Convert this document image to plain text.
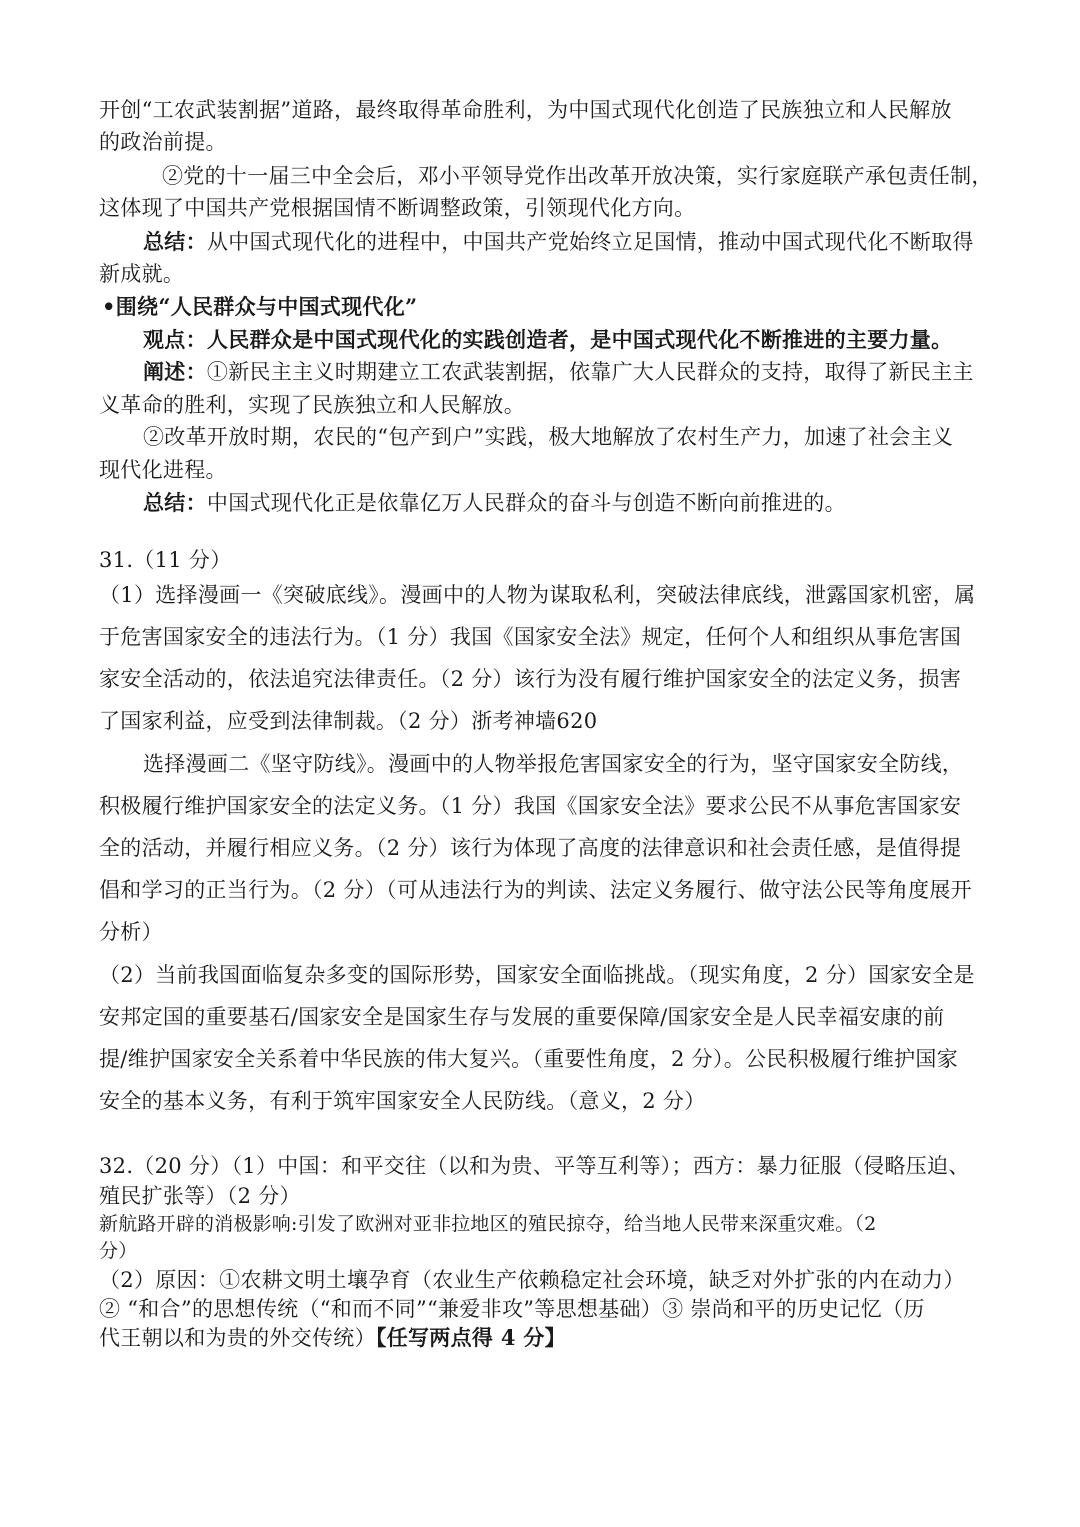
开创“工农武装割据”道路，最终取得革命胜利，为中国式现代化创造了民族独立和人民解放
的政治前提。
②党的十一届三中全会后，邓小平领导党作出改革开放决策，实行家庭联产承包责任制，
这体现了中国共产党根据国情不断调整政策，引领现代化方向。
总结：从中国式现代化的进程中，中国共产党始终立足国情，推动中国式现代化不断取得
新成就。
•围绕“人民群众与中国式现代化”
观点：人民群众是中国式现代化的实践创造者，是中国式现代化不断推进的主要力量。
阐述：①新民主主义时期建立工农武装割据，依靠广大人民群众的支持，取得了新民主主
义革命的胜利，实现了民族独立和人民解放。
②改革开放时期，农民的“包产到户”实践，极大地解放了农村生产力，加速了社会主义
现代化进程。
总结：中国式现代化正是依靠亿万人民群众的奋斗与创造不断向前推进的。
31.（11 分）
（1）选择漫画一《突破底线》。漫画中的人物为谋取私利，突破法律底线，泄露国家机密，属
于危害国家安全的违法行为。（1 分）我国《国家安全法》规定，任何个人和组织从事危害国
家安全活动的，依法追究法律责任。（2 分）该行为没有履行维护国家安全的法定义务，损害
了国家利益，应受到法律制裁。（2 分）浙考神墙620
选择漫画二《坚守防线》。漫画中的人物举报危害国家安全的行为，坚守国家安全防线，
积极履行维护国家安全的法定义务。（1 分）我国《国家安全法》要求公民不从事危害国家安
全的活动，并履行相应义务。（2 分）该行为体现了高度的法律意识和社会责任感，是值得提
倡和学习的正当行为。（2 分）（可从违法行为的判读、法定义务履行、做守法公民等角度展开
分析）
（2）当前我国面临复杂多变的国际形势，国家安全面临挑战。（现实角度，2 分）国家安全是
安邦定国的重要基石/国家安全是国家生存与发展的重要保障/国家安全是人民幸福安康的前
提/维护国家安全关系着中华民族的伟大复兴。（重要性角度，2 分）。公民积极履行维护国家
安全的基本义务，有利于筑牢国家安全人民防线。（意义，2 分）
32.（20 分）（1）中国：和平交往（以和为贵、平等互利等）；西方：暴力征服（侵略压迫、
殖民扩张等）（2 分）
新航路开辟的消极影响:引发了欧洲对亚非拉地区的殖民掠夺，给当地人民带来深重灾难。（2
分）
（2）原因：①农耕文明土壤孕育（农业生产依赖稳定社会环境，缺乏对外扩张的内在动力）
② “和合”的思想传统（“和而不同”“兼爱非攻”等思想基础）③ 崇尚和平的历史记忆（历
代王朝以和为贵的外交传统）【任写两点得 4 分】
